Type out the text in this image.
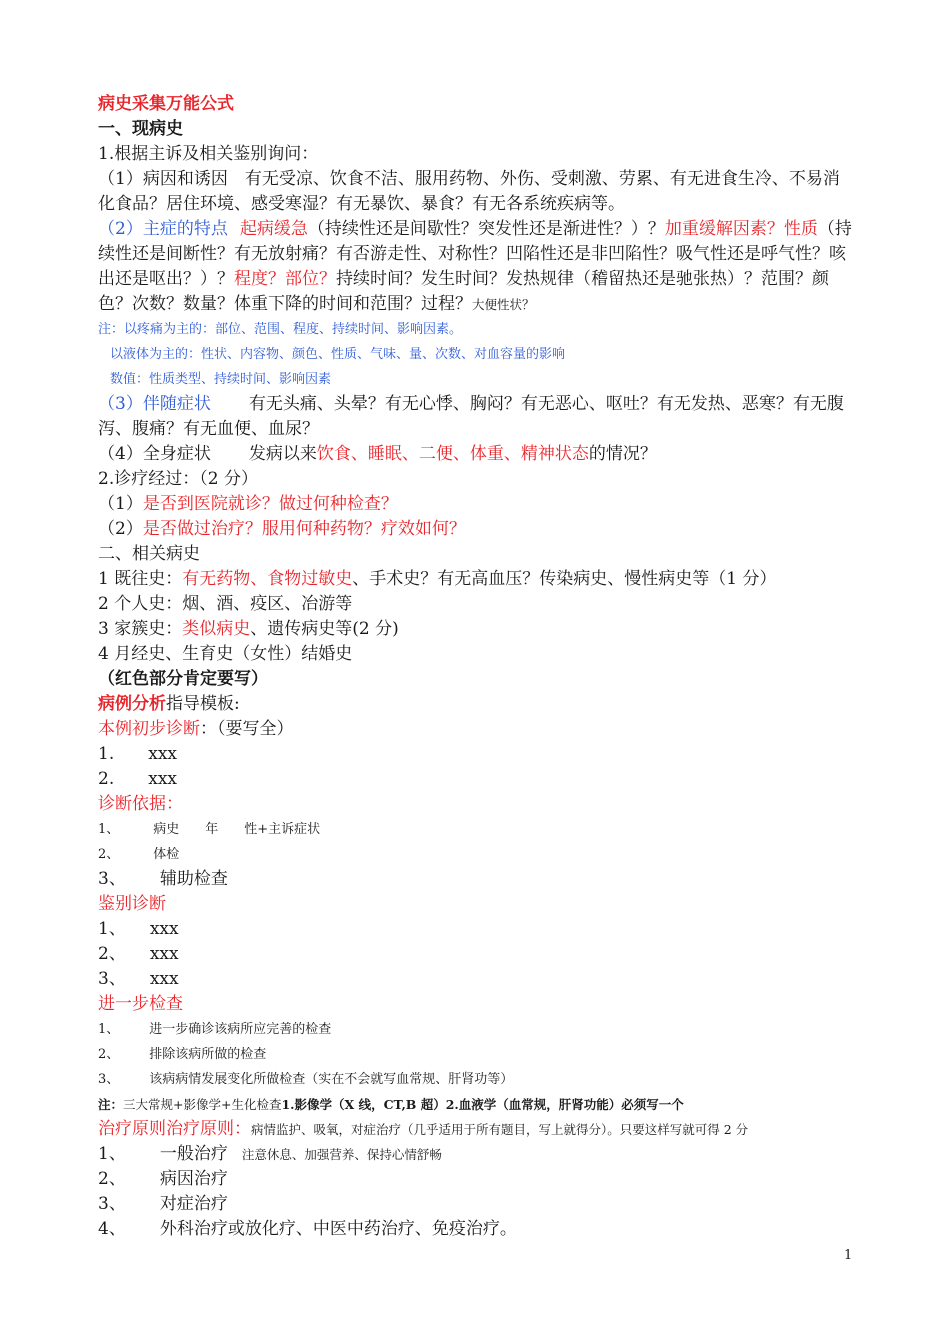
病史采集万能公式
一、现病史
1.根据主诉及相关鉴别询问：
（1）病因和诱因　有无受凉、饮食不洁、服用药物、外伤、受刺激、劳累、有无进食生冷、不易消化食品？居住环境、感受寒湿？有无暴饮、暴食？有无各系统疾病等。
（2）主症的特点 起病缓急（持续性还是间歇性？突发性还是渐进性？）？加重缓解因素？性质（持续性还是间断性？有无放射痛？有否游走性、对称性？凹陷性还是非凹陷性？吸气性还是呼气性？咳出还是呕出？）？程度？部位？持续时间？发生时间？发热规律（稽留热还是驰张热）？范围？颜色？次数？数量？体重下降的时间和范围？过程？大便性状？
注：以疼痛为主的：部位、范围、程度、持续时间、影响因素。
以液体为主的：性状、内容物、颜色、性质、气味、量、次数、对血容量的影响
数值：性质类型、持续时间、影响因素
（3）伴随症状 有无头痛、头晕？有无心悸、胸闷？有无恶心、呕吐？有无发热、恶寒？有无腹泻、腹痛？有无血便、血尿？
（4）全身症状 发病以来饮食、睡眠、二便、体重、精神状态的情况？
2.诊疗经过：（2 分）
（1）是否到医院就诊？做过何种检查？
（2）是否做过治疗？服用何种药物？疗效如何？
二、相关病史
1 既往史：有无药物、食物过敏史、手术史？有无高血压？传染病史、慢性病史等（1 分）
2 个人史：烟、酒、疫区、冶游等
3 家簇史：类似病史、遗传病史等(2 分)
4 月经史、生育史（女性）结婚史
（红色部分肯定要写）
病例分析指导模板:
本例初步诊断：（要写全）
1. xxx
2. xxx
诊断依据：
1、	病史　　年　　性+主诉症状
2、	体检
3、 辅助检查
鉴别诊断
1、 xxx
2、 xxx
3、 xxx
进一步检查
1、 进一步确诊该病所应完善的检查
2、 排除该病所做的检查
3、 该病病情发展变化所做检查（实在不会就写血常规、肝肾功等）
注：三大常规+影像学+生化检查1.影像学（X 线，CT,B 超）2.血液学（血常规，肝肾功能）必须写一个
治疗原则治疗原则：病情监护、吸氧，对症治疗（几乎适用于所有题目，写上就得分）。只要这样写就可得 2 分
1、 一般治疗 注意休息、加强营养、保持心情舒畅
2、 病因治疗
3、 对症治疗
4、 外科治疗或放化疗、中医中药治疗、免疫治疗。
1
